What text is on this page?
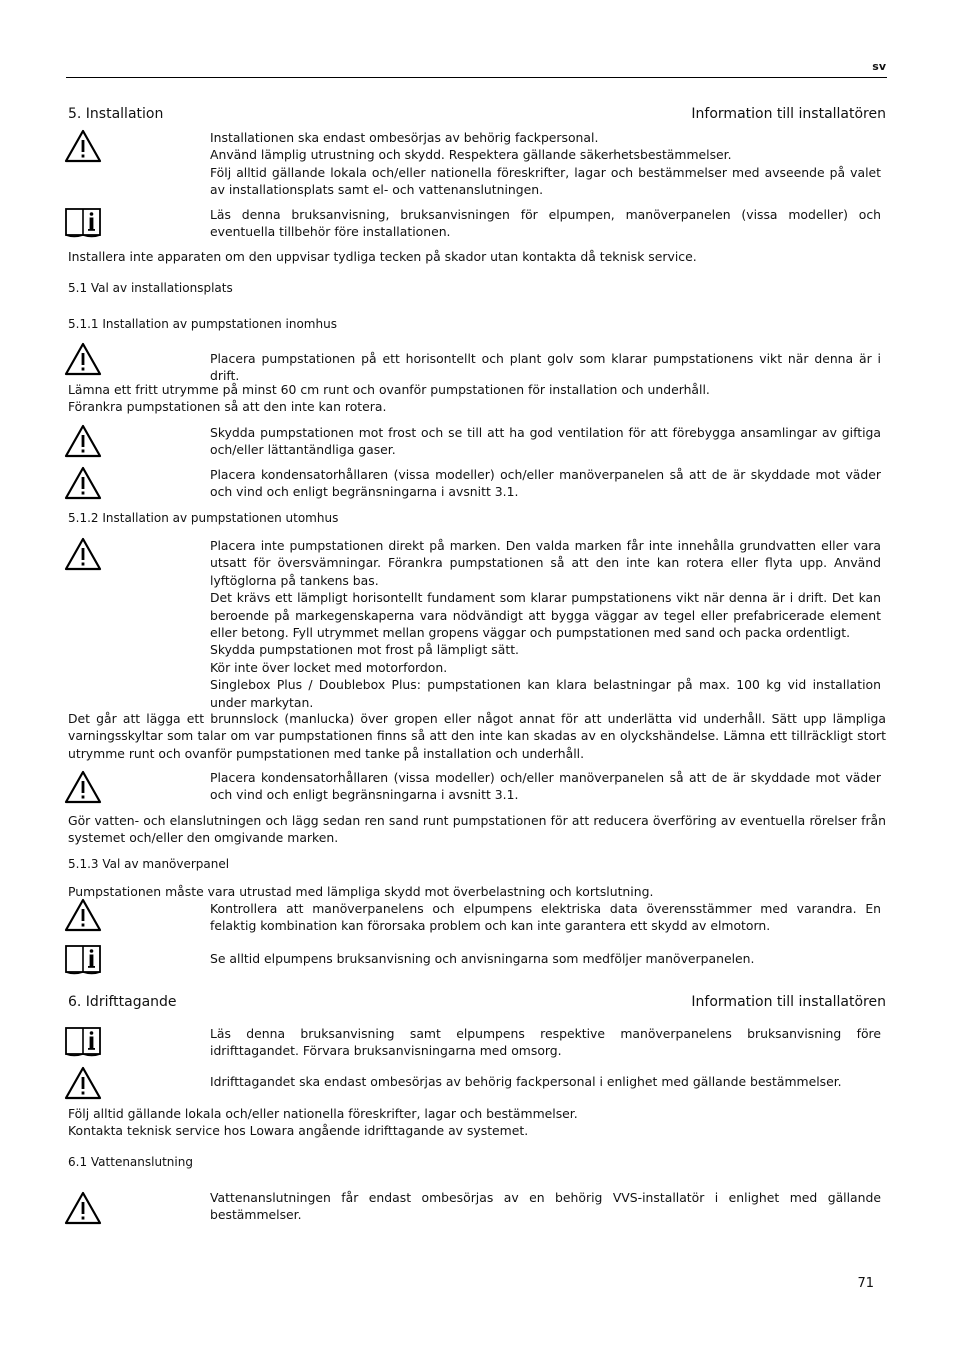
sv
5. Installation	Information till installatören
Installationen ska endast ombesörjas av behörig fackpersonal.
Använd lämplig utrustning och skydd. Respektera gällande säkerhetsbestämmelser.
Följ alltid gällande lokala och/eller nationella föreskrifter, lagar och bestämmelser med avseende på valet av installationsplats samt el- och vattenanslutningen.
Läs denna bruksanvisning, bruksanvisningen för elpumpen, manöverpanelen (vissa modeller) och eventuella tillbehör före installationen.
Installera inte apparaten om den uppvisar tydliga tecken på skador utan kontakta då teknisk service.
5.1 Val av installationsplats
5.1.1 Installation av pumpstationen inomhus
Placera pumpstationen på ett horisontellt och plant golv som klarar pumpstationens vikt när denna är i drift.
Lämna ett fritt utrymme på minst 60 cm runt och ovanför pumpstationen för installation och underhåll.
Förankra pumpstationen så att den inte kan rotera.
Skydda pumpstationen mot frost och se till att ha god ventilation för att förebygga ansamlingar av giftiga och/eller lättantändliga gaser.
Placera kondensatorhållaren (vissa modeller) och/eller manöverpanelen så att de är skyddade mot väder och vind och enligt begränsningarna i avsnitt 3.1.
5.1.2 Installation av pumpstationen utomhus
Placera inte pumpstationen direkt på marken. Den valda marken får inte innehålla grundvatten eller vara utsatt för översvämningar. Förankra pumpstationen så att den inte kan rotera eller flyta upp. Använd lyftöglorna på tankens bas.
Det krävs ett lämpligt horisontellt fundament som klarar pumpstationens vikt när denna är i drift. Det kan beroende på markegenskaperna vara nödvändigt att bygga väggar av tegel eller prefabricerade element eller betong. Fyll utrymmet mellan gropens väggar och pumpstationen med sand och packa ordentligt.
Skydda pumpstationen mot frost på lämpligt sätt.
Kör inte över locket med motorfordon.
Singlebox Plus / Doublebox Plus: pumpstationen kan klara belastningar på max. 100 kg vid installation under markytan.
Det går att lägga ett brunnslock (manlucka) över gropen eller något annat för att underlätta vid underhåll. Sätt upp lämpliga varningsskyltar som talar om var pumpstationen finns så att den inte kan skadas av en olyckshändelse. Lämna ett tillräckligt stort utrymme runt och ovanför pumpstationen med tanke på installation och underhåll.
Placera kondensatorhållaren (vissa modeller) och/eller manöverpanelen så att de är skyddade mot väder och vind och enligt begränsningarna i avsnitt 3.1.
Gör vatten- och elanslutningen och lägg sedan ren sand runt pumpstationen för att reducera överföring av eventuella rörelser från systemet och/eller den omgivande marken.
5.1.3 Val av manöverpanel
Pumpstationen måste vara utrustad med lämpliga skydd mot överbelastning och kortslutning.
Kontrollera att manöverpanelens och elpumpens elektriska data överensstämmer med varandra. En felaktig kombination kan förorsaka problem och kan inte garantera ett skydd av elmotorn.
Se alltid elpumpens bruksanvisning och anvisningarna som medföljer manöverpanelen.
6. Idrifttagande	Information till installatören
Läs denna bruksanvisning samt elpumpens respektive manöverpanelens bruksanvisning före idrifttagandet. Förvara bruksanvisningarna med omsorg.
Idrifttagandet ska endast ombesörjas av behörig fackpersonal i enlighet med gällande bestämmelser.
Följ alltid gällande lokala och/eller nationella föreskrifter, lagar och bestämmelser.
Kontakta teknisk service hos Lowara angående idrifttagande av systemet.
6.1 Vattenanslutning
Vattenanslutningen får endast ombesörjas av en behörig VVS-installatör i enlighet med gällande bestämmelser.
71
